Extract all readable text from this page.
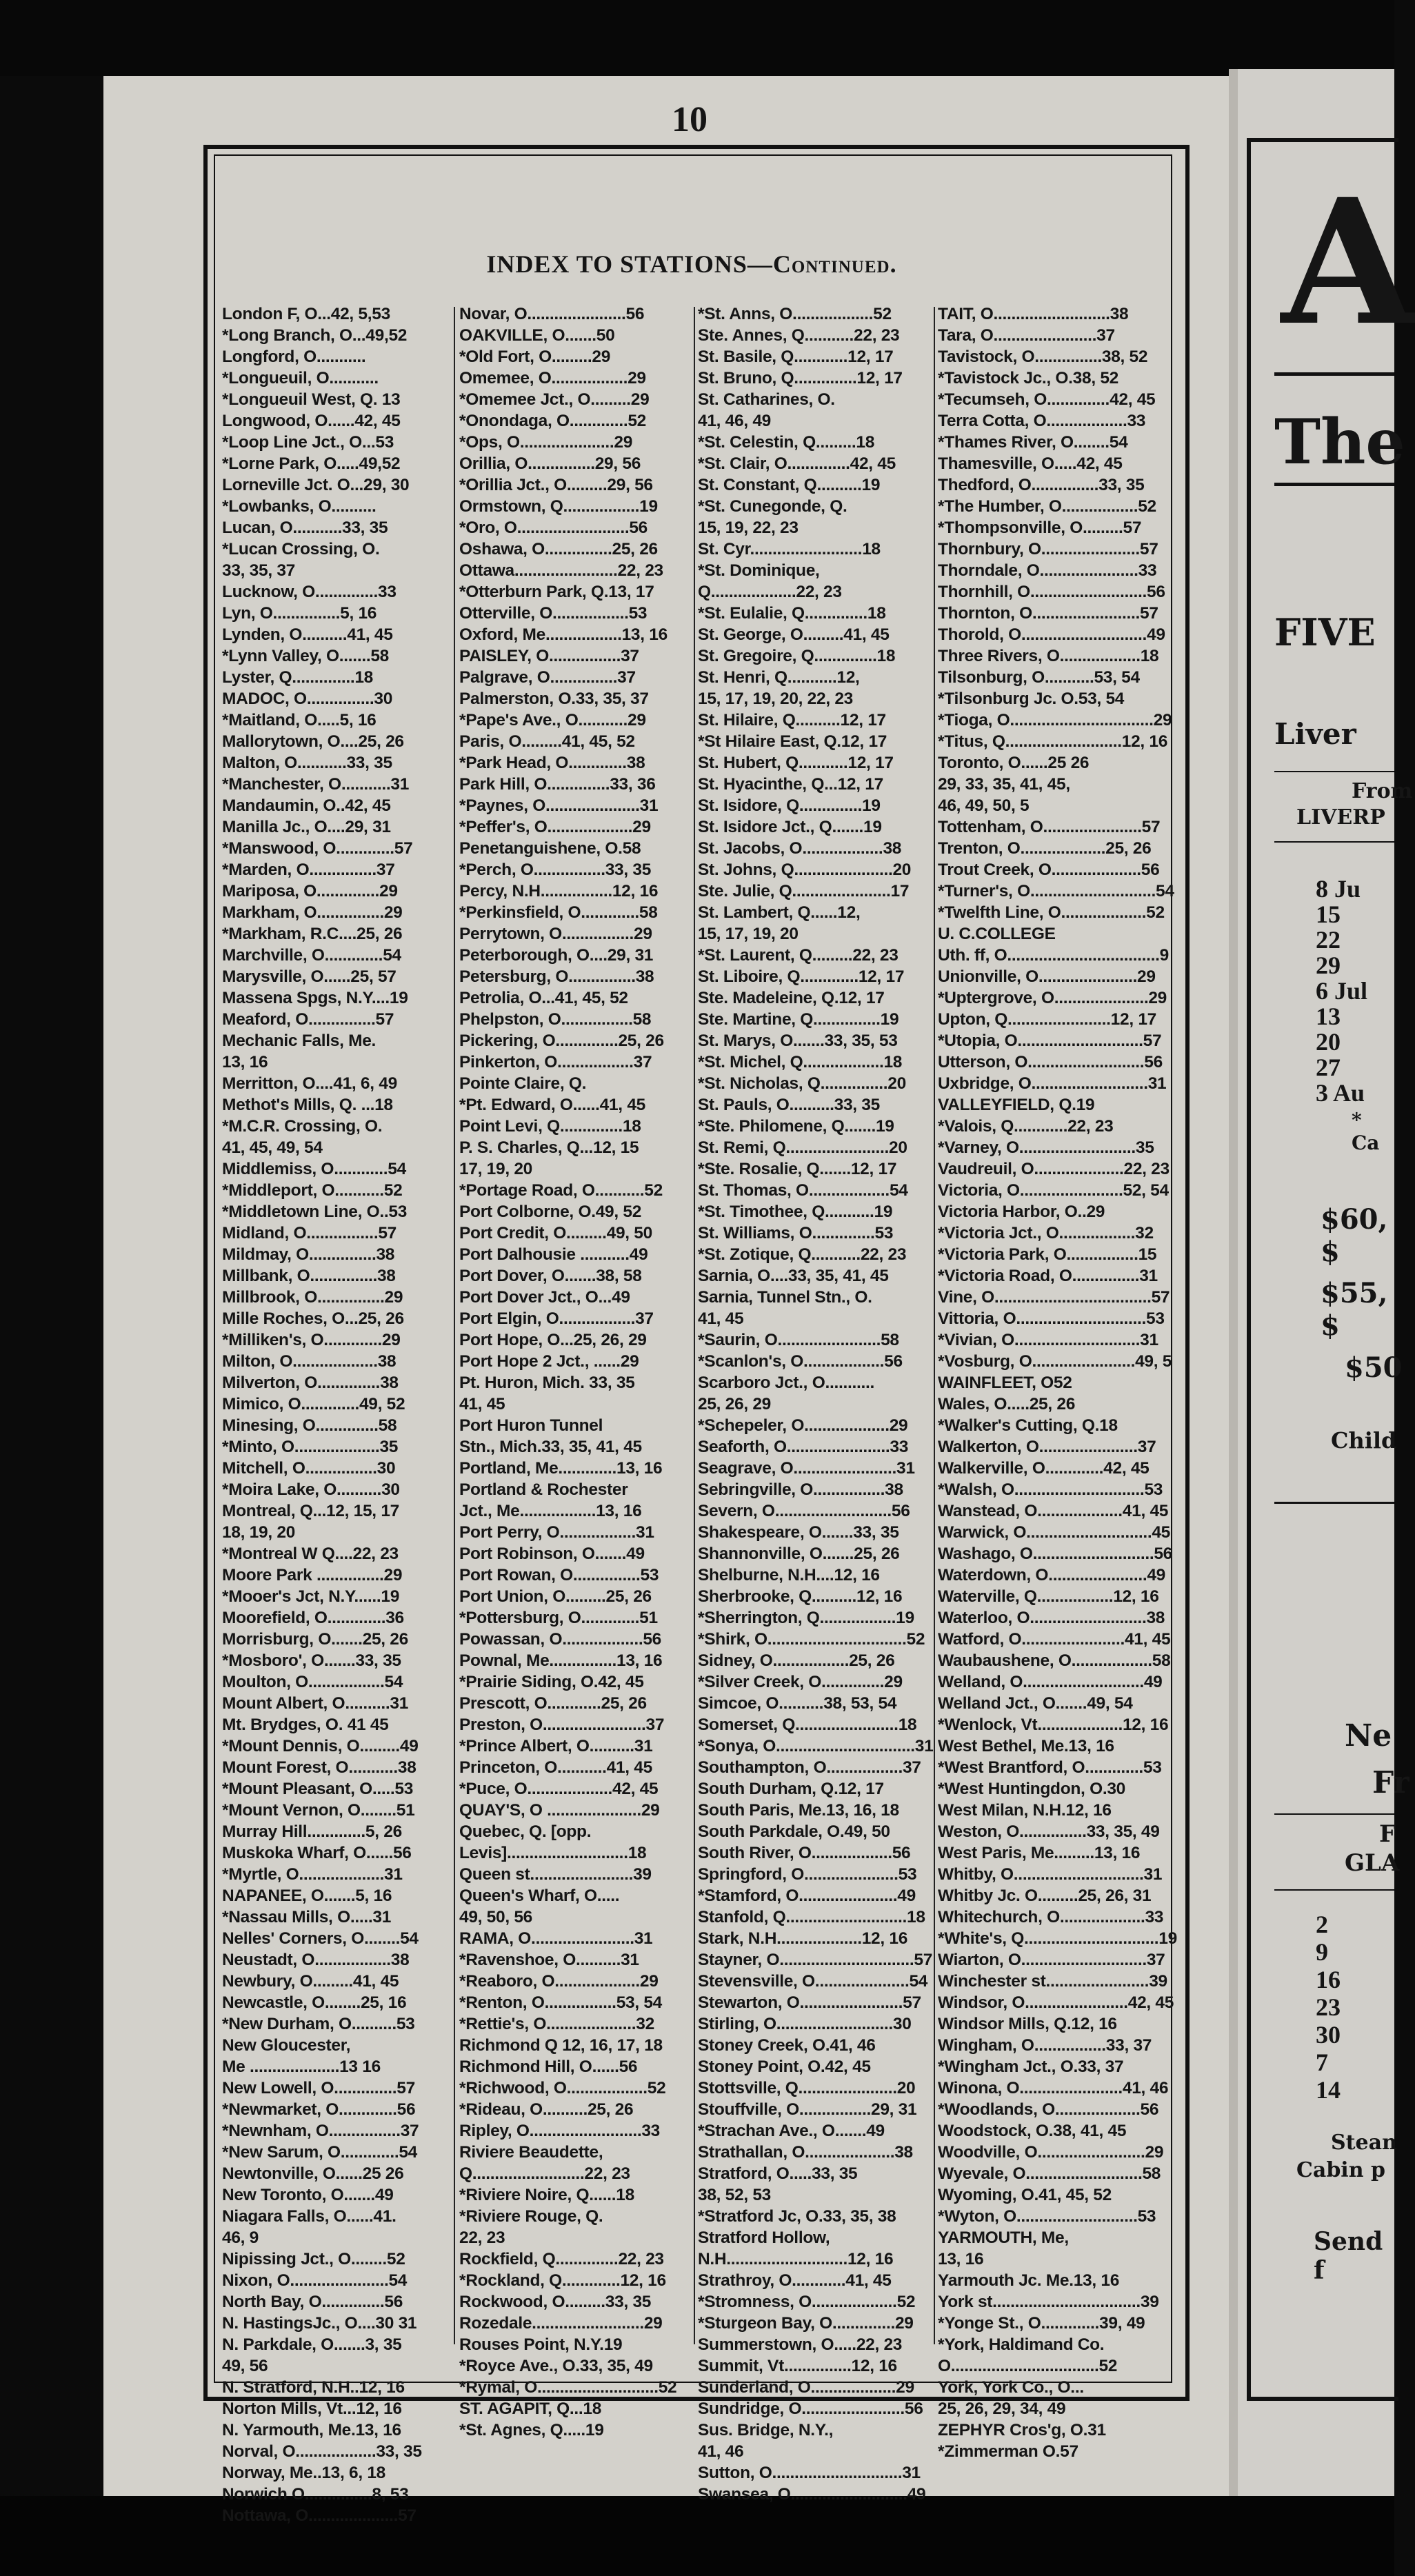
10
INDEX TO STATIONS—Continued.
London F, O...42, 5,53
*Long Branch, O...49,52
Longford, O...........
*Longueuil, O...........
*Longueuil West, Q. 13
Longwood, O......42, 45
*Loop Line Jct., O...53
*Lorne Park, O.....49,52
Lorneville Jct. O...29, 30
*Lowbanks, O..........
Lucan, O...........33, 35
*Lucan Crossing, O.
33, 35, 37
Lucknow, O..............33
Lyn, O...............5, 16
Lynden, O..........41, 45
*Lynn Valley, O.......58
Lyster, Q..............18
MADOC, O...............30
*Maitland, O.....5, 16
Mallorytown, O....25, 26
Malton, O...........33, 35
*Manchester, O...........31
Mandaumin, O..42, 45
Manilla Jc., O....29, 31
*Manswood, O.............57
*Marden, O...............37
Mariposa, O..............29
Markham, O...............29
*Markham, R.C....25, 26
Marchville, O.............54
Marysville, O......25, 57
Massena Spgs, N.Y....19
Meaford, O...............57
Mechanic Falls, Me.
13, 16
Merritton, O....41, 6, 49
Methot's Mills, Q. ...18
*M.C.R. Crossing, O.
41, 45, 49, 54
Middlemiss, O............54
*Middleport, O...........52
*Middletown Line, O..53
Midland, O................57
Mildmay, O...............38
Millbank, O...............38
Millbrook, O...............29
Mille Roches, O...25, 26
*Milliken's, O.............29
Milton, O...................38
Milverton, O..............38
Mimico, O.............49, 52
Minesing, O..............58
*Minto, O...................35
Mitchell, O................30
*Moira Lake, O..........30
Montreal, Q...12, 15, 17
18, 19, 20
*Montreal W Q....22, 23
Moore Park ...............29
*Mooer's Jct, N.Y......19
Moorefield, O.............36
Morrisburg, O.......25, 26
*Mosboro', O.......33, 35
Moulton, O.................54
Mount Albert, O..........31
Mt. Brydges, O. 41 45
*Mount Dennis, O.........49
Mount Forest, O...........38
*Mount Pleasant, O.....53
*Mount Vernon, O........51
Murray Hill.............5, 26
Muskoka Wharf, O......56
*Myrtle, O...................31
NAPANEE, O.......5, 16
*Nassau Mills, O.....31
Nelles' Corners, O........54
Neustadt, O.................38
Newbury, O.........41, 45
Newcastle, O........25, 16
*New Durham, O..........53
New Gloucester,
Me ....................13 16
New Lowell, O..............57
*Newmarket, O.............56
*Newnham, O................37
*New Sarum, O.............54
Newtonville, O......25 26
New Toronto, O.......49
Niagara Falls, O......41.
46, 9
Nipissing Jct., O........52
Nixon, O......................54
North Bay, O..............56
N. HastingsJc., O....30 31
N. Parkdale, O.......3, 35
49, 56
N. Stratford, N.H..12, 16
Norton Mills, Vt...12, 16
N. Yarmouth, Me.13, 16
Norval, O..................33, 35
Norway, Me..13, 6, 18
Norwich O...............8, 53
Nottawa, O....................57
Novar, O......................56
OAKVILLE, O.......50
*Old Fort, O.........29
Omemee, O.................29
*Omemee Jct., O.........29
*Onondaga, O.............52
*Ops, O.....................29
Orillia, O...............29, 56
*Orillia Jct., O.........29, 56
Ormstown, Q.................19
*Oro, O.........................56
Oshawa, O...............25, 26
Ottawa.......................22, 23
*Otterburn Park, Q.13, 17
Otterville, O.................53
Oxford, Me.................13, 16
PAISLEY, O................37
Palgrave, O...............37
Palmerston, O.33, 35, 37
*Pape's Ave., O...........29
Paris, O.........41, 45, 52
*Park Head, O.............38
Park Hill, O..............33, 36
*Paynes, O.....................31
*Peffer's, O...................29
Penetanguishene, O.58
*Perch, O................33, 35
Percy, N.H................12, 16
*Perkinsfield, O.............58
Perrytown, O................29
Peterborough, O....29, 31
Petersburg, O...............38
Petrolia, O...41, 45, 52
Phelpston, O................58
Pickering, O..............25, 26
Pinkerton, O.................37
Pointe Claire, Q.
*Pt. Edward, O......41, 45
Point Levi, Q..............18
P. S. Charles, Q...12, 15
17, 19, 20
*Portage Road, O...........52
Port Colborne, O.49, 52
Port Credit, O.........49, 50
Port Dalhousie ...........49
Port Dover, O.......38, 58
Port Dover Jct., O...49
Port Elgin, O.................37
Port Hope, O...25, 26, 29
Port Hope 2 Jct., ......29
Pt. Huron, Mich. 33, 35
41, 45
Port Huron Tunnel
Stn., Mich.33, 35, 41, 45
Portland, Me.............13, 16
Portland & Rochester
Jct., Me.................13, 16
Port Perry, O.................31
Port Robinson, O.......49
Port Rowan, O...............53
Port Union, O.........25, 26
*Pottersburg, O.............51
Powassan, O..................56
Pownal, Me...............13, 16
*Prairie Siding, O.42, 45
Prescott, O............25, 26
Preston, O.......................37
*Prince Albert, O..........31
Princeton, O...........41, 45
*Puce, O...................42, 45
QUAY'S, O .....................29
Quebec, Q. [opp.
Levis]...........................18
Queen st.......................39
Queen's Wharf, O.....
49, 50, 56
RAMA, O.......................31
*Ravenshoe, O..........31
*Reaboro, O...................29
*Renton, O................53, 54
*Rettie's, O....................32
Richmond Q 12, 16, 17, 18
Richmond Hill, O......56
*Richwood, O..................52
*Rideau, O..........25, 26
Ripley, O.........................33
Riviere Beaudette,
Q.........................22, 23
*Riviere Noire, Q......18
*Riviere Rouge, Q.
22, 23
Rockfield, Q..............22, 23
*Rockland, Q.............12, 16
Rockwood, O.........33, 35
Rozedale.........................29
Rouses Point, N.Y.19
*Royce Ave., O.33, 35, 49
*Rymal, O...........................52
ST. AGAPIT, Q...18
*St. Agnes, Q.....19
*St. Anns, O..................52
Ste. Annes, Q...........22, 23
St. Basile, Q............12, 17
St. Bruno, Q..............12, 17
St. Catharines, O.
41, 46, 49
*St. Celestin, Q.........18
*St. Clair, O..............42, 45
St. Constant, Q..........19
*St. Cunegonde, Q.
15, 19, 22, 23
St. Cyr.........................18
*St. Dominique,
Q...................22, 23
*St. Eulalie, Q..............18
St. George, O.........41, 45
St. Gregoire, Q..............18
St. Henri, Q...........12,
15, 17, 19, 20, 22, 23
St. Hilaire, Q..........12, 17
*St Hilaire East, Q.12, 17
St. Hubert, Q...........12, 17
St. Hyacinthe, Q...12, 17
St. Isidore, Q..............19
St. Isidore Jct., Q.......19
St. Jacobs, O..................38
St. Johns, Q......................20
Ste. Julie, Q......................17
St. Lambert, Q......12,
15, 17, 19, 20
*St. Laurent, Q.........22, 23
St. Liboire, Q.............12, 17
Ste. Madeleine, Q.12, 17
Ste. Martine, Q...............19
St. Marys, O.......33, 35, 53
*St. Michel, Q..................18
*St. Nicholas, Q...............20
St. Pauls, O..........33, 35
*Ste. Philomene, Q.......19
St. Remi, Q.......................20
*Ste. Rosalie, Q.......12, 17
St. Thomas, O..................54
*St. Timothee, Q...........19
St. Williams, O..............53
*St. Zotique, Q...........22, 23
Sarnia, O....33, 35, 41, 45
Sarnia, Tunnel Stn., O.
41, 45
*Saurin, O.......................58
*Scanlon's, O..................56
Scarboro Jct., O...........
25, 26, 29
*Schepeler, O...................29
Seaforth, O.......................33
Seagrave, O.......................31
Sebringville, O................38
Severn, O..........................56
Shakespeare, O.......33, 35
Shannonville, O.......25, 26
Shelburne, N.H....12, 16
Sherbrooke, Q..........12, 16
*Sherrington, Q.................19
*Shirk, O...............................52
Sidney, O.................25, 26
*Silver Creek, O..............29
Simcoe, O..........38, 53, 54
Somerset, Q.......................18
*Sonya, O...............................31
Southampton, O.................37
South Durham, Q.12, 17
South Paris, Me.13, 16, 18
South Parkdale, O.49, 50
South River, O..................56
Springford, O.....................53
*Stamford, O......................49
Stanfold, Q...........................18
Stark, N.H...................12, 16
Stayner, O..............................57
Stevensville, O.....................54
Stewarton, O.......................57
Stirling, O..........................30
Stoney Creek, O.41, 46
Stoney Point, O.42, 45
Stottsville, Q......................20
Stouffville, O................29, 31
*Strachan Ave., O.......49
Strathallan, O....................38
Stratford, O.....33, 35
38, 52, 53
*Stratford Jc, O.33, 35, 38
Stratford Hollow,
N.H...........................12, 16
Strathroy, O............41, 45
*Stromness, O...................52
*Sturgeon Bay, O..............29
Summerstown, O.....22, 23
Summit, Vt...............12, 16
Sunderland, O...................29
Sundridge, O.......................56
Sus. Bridge, N.Y.,
41, 46
Sutton, O.............................31
Swansea, O..........................49
TAIT, O..........................38
Tara, O.......................37
Tavistock, O...............38, 52
*Tavistock Jc., O.38, 52
*Tecumseh, O..............42, 45
Terra Cotta, O..................33
*Thames River, O........54
Thamesville, O.....42, 45
Thedford, O...............33, 35
*The Humber, O.................52
*Thompsonville, O.........57
Thornbury, O......................57
Thorndale, O......................33
Thornhill, O..........................56
Thornton, O........................57
Thorold, O............................49
Three Rivers, O..................18
Tilsonburg, O...........53, 54
*Tilsonburg Jc. O.53, 54
*Tioga, O................................29
*Titus, Q..........................12, 16
Toronto, O......25 26
29, 33, 35, 41, 45,
46, 49, 50, 5
Tottenham, O......................57
Trenton, O...................25, 26
Trout Creek, O....................56
*Turner's, O............................54
*Twelfth Line, O...................52
U. C.COLLEGE
Uth. ff, O..................................9
Unionville, O......................29
*Uptergrove, O.....................29
Upton, Q.......................12, 17
*Utopia, O............................57
Utterson, O..........................56
Uxbridge, O..........................31
VALLEYFIELD, Q.19
*Valois, Q............22, 23
*Varney, O..........................35
Vaudreuil, O....................22, 23
Victoria, O.......................52, 54
Victoria Harbor, O..29
*Victoria Jct., O.................32
*Victoria Park, O................15
*Victoria Road, O...............31
Vine, O...................................57
Vittoria, O.............................53
*Vivian, O............................31
*Vosburg, O.......................49, 5
WAINFLEET, O52
Wales, O.....25, 26
*Walker's Cutting, Q.18
Walkerton, O......................37
Walkerville, O.............42, 45
*Walsh, O.............................53
Wanstead, O...................41, 45
Warwick, O............................45
Washago, O...........................56
Waterdown, O......................49
Waterville, Q.................12, 16
Waterloo, O..........................38
Watford, O.......................41, 45
Waubaushene, O..................58
Welland, O...........................49
Welland Jct., O.......49, 54
*Wenlock, Vt...................12, 16
West Bethel, Me.13, 16
*West Brantford, O.............53
*West Huntingdon, O.30
West Milan, N.H.12, 16
Weston, O...............33, 35, 49
West Paris, Me.........13, 16
Whitby, O.............................31
Whitby Jc. O.........25, 26, 31
Whitechurch, O...................33
*White's, Q..............................19
Wiarton, O............................37
Winchester st.......................39
Windsor, O.......................42, 45
Windsor Mills, Q.12, 16
Wingham, O................33, 37
*Wingham Jct., O.33, 37
Winona, O.......................41, 46
*Woodlands, O...................56
Woodstock, O.38, 41, 45
Woodville, O........................29
Wyevale, O..........................58
Wyoming, O.41, 45, 52
*Wyton, O...........................53
YARMOUTH, Me,
13, 16
Yarmouth Jc. Me.13, 16
York st.................................39
*Yonge St., O.............39, 49
*York, Haldimand Co.
O.................................52
York, York Co., O...
25, 26, 29, 34, 49
ZEPHYR Cros'g, O.31
*Zimmerman O.57
A
The
FIVE
Liver
From
LIVERP
8 Ju
15
22
29
6 Jul
13
20
27
3 Au
* Ca
$60, $
$55, $
$50
Child
Ne
Fr
F
GLA
2
9
16
23
30
7
14
Stean
Cabin p
Send f
